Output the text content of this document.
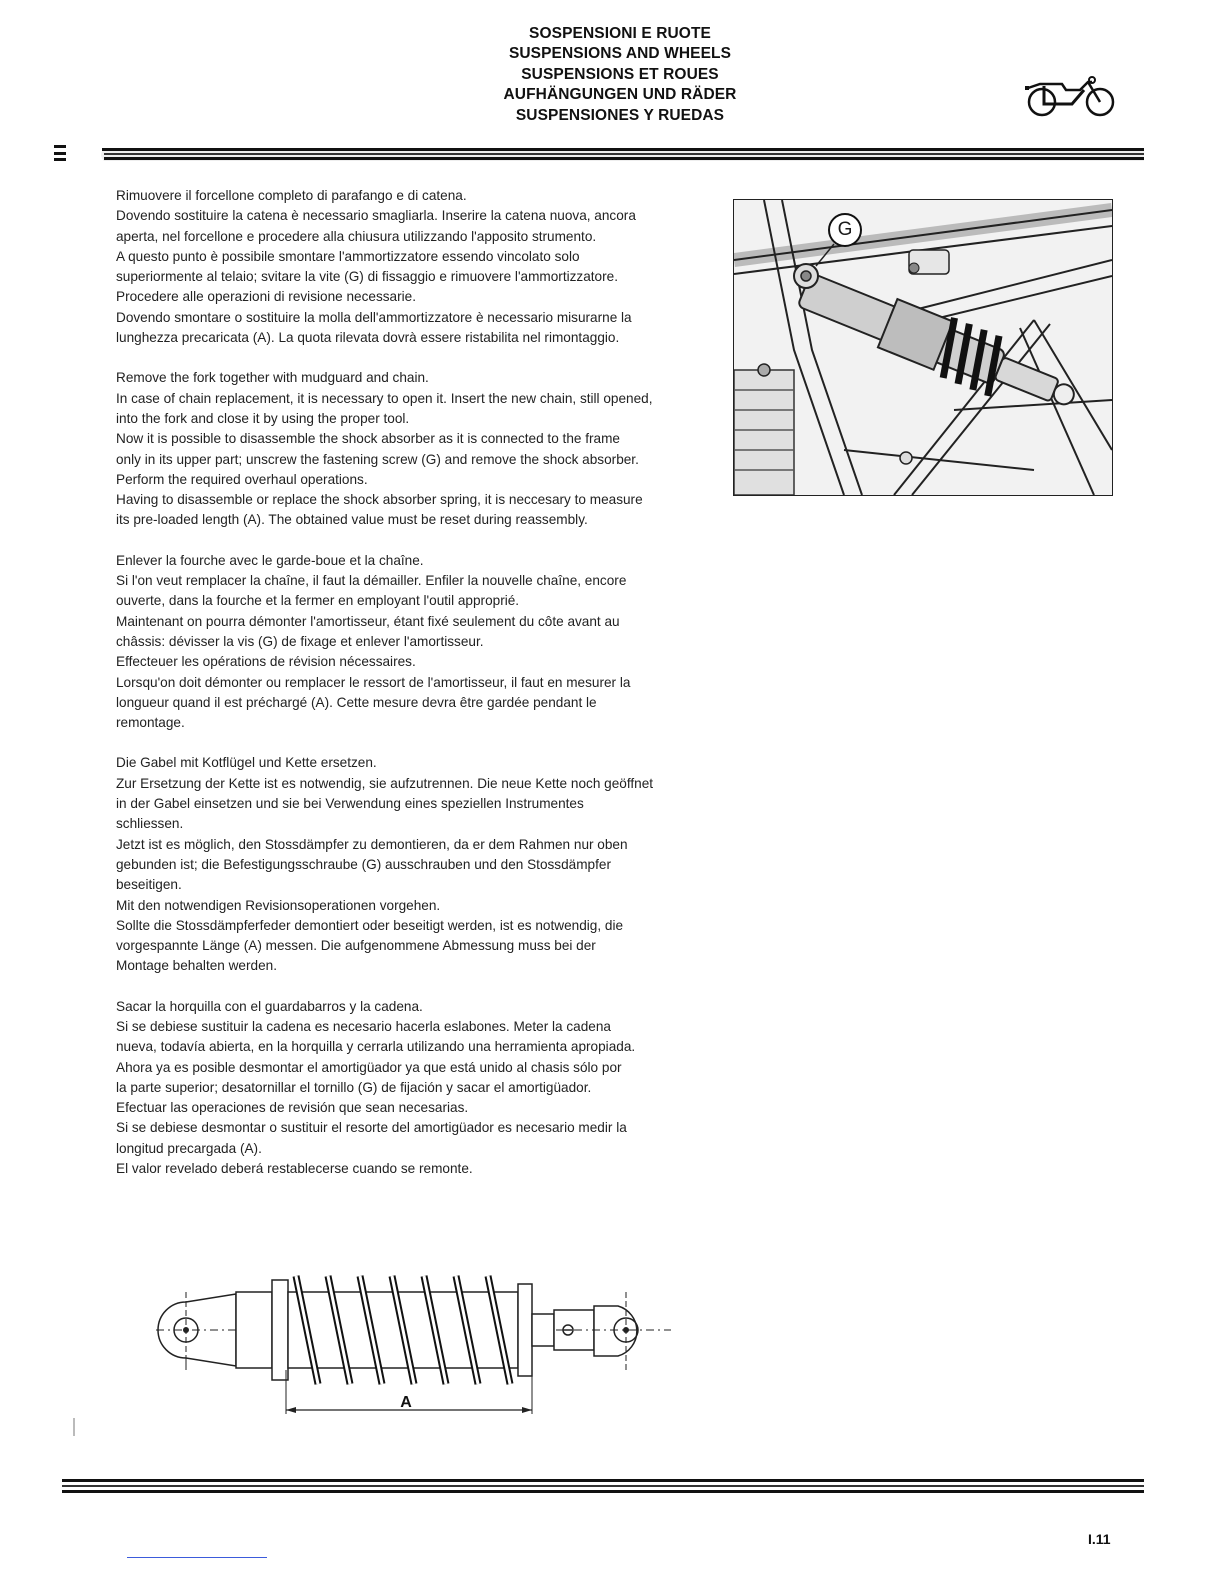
SOSPENSIONI E RUOTE
SUSPENSIONS AND WHEELS
SUSPENSIONS ET ROUES
AUFHÄNGUNGEN UND RÄDER
SUSPENSIONES Y RUEDAS
Rimuovere il forcellone completo di parafango e di catena.
Dovendo sostituire la catena è necessario smagliarla. Inserire la catena nuova, ancora
aperta, nel forcellone e procedere alla chiusura utilizzando l'apposito strumento.
A questo punto è possibile smontare l'ammortizzatore essendo vincolato solo
superiormente al telaio; svitare la vite (G) di fissaggio e rimuovere l'ammortizzatore.
Procedere alle operazioni di revisione necessarie.
Dovendo smontare o sostituire la molla dell'ammortizzatore è necessario misurarne la
lunghezza precaricata (A). La quota rilevata dovrà essere ristabilita nel rimontaggio.
Remove the fork together with mudguard and chain.
In case of chain replacement, it is necessary to open it. Insert the new chain, still opened,
into the fork and close it by using the proper tool.
Now it is possible to disassemble the shock absorber as it is connected to the frame
only in its upper part; unscrew the fastening screw (G) and remove the shock absorber.
Perform the required overhaul operations.
Having to disassemble or replace the shock absorber spring, it is neccesary to measure
its pre-loaded length (A). The obtained value must be reset during reassembly.
Enlever la fourche avec le garde-boue et la chaîne.
Si l'on veut remplacer la chaîne, il faut la démailler. Enfiler la nouvelle chaîne, encore
ouverte, dans la fourche et la fermer en employant l'outil approprié.
Maintenant on pourra démonter l'amortisseur, étant fixé seulement du côte avant au
châssis: dévisser la vis (G) de fixage et enlever l'amortisseur.
Effecteuer les opérations de révision nécessaires.
Lorsqu'on doit démonter ou remplacer le ressort de l'amortisseur, il faut en mesurer la
longueur quand il est préchargé (A). Cette mesure devra être gardée pendant le
remontage.
Die Gabel mit Kotflügel und Kette ersetzen.
Zur Ersetzung der Kette ist es notwendig, sie aufzutrennen. Die neue Kette noch geöffnet
in der Gabel einsetzen und sie bei Verwendung eines speziellen Instrumentes
schliessen.
Jetzt ist es möglich, den Stossdämpfer zu demontieren, da er dem Rahmen nur oben
gebunden ist; die Befestigungsschraube (G) ausschrauben und den Stossdämpfer
beseitigen.
Mit den notwendigen Revisionsoperationen vorgehen.
Sollte die Stossdämpferfeder demontiert oder beseitigt werden, ist es notwendig, die
vorgespannte Länge (A) messen. Die aufgenommene Abmessung muss bei der
Montage behalten werden.
Sacar la horquilla con el guardabarros y la cadena.
Si se debiese sustituir la cadena es necesario hacerla eslabones. Meter la cadena
nueva, todavía abierta, en la horquilla y cerrarla utilizando una herramienta apropiada.
Ahora ya es posible desmontar el amortigüador ya que está unido al chasis sólo por
la parte superior; desatornillar el tornillo (G) de fijación y sacar el amortigüador.
Efectuar las operaciones de revisión que sean necesarias.
Si se debiese desmontar o sustituir el resorte del amortigüador es necesario medir la
longitud precargada (A).
El valor revelado deberá restablecerse cuando se remonte.
G
A
I.11
